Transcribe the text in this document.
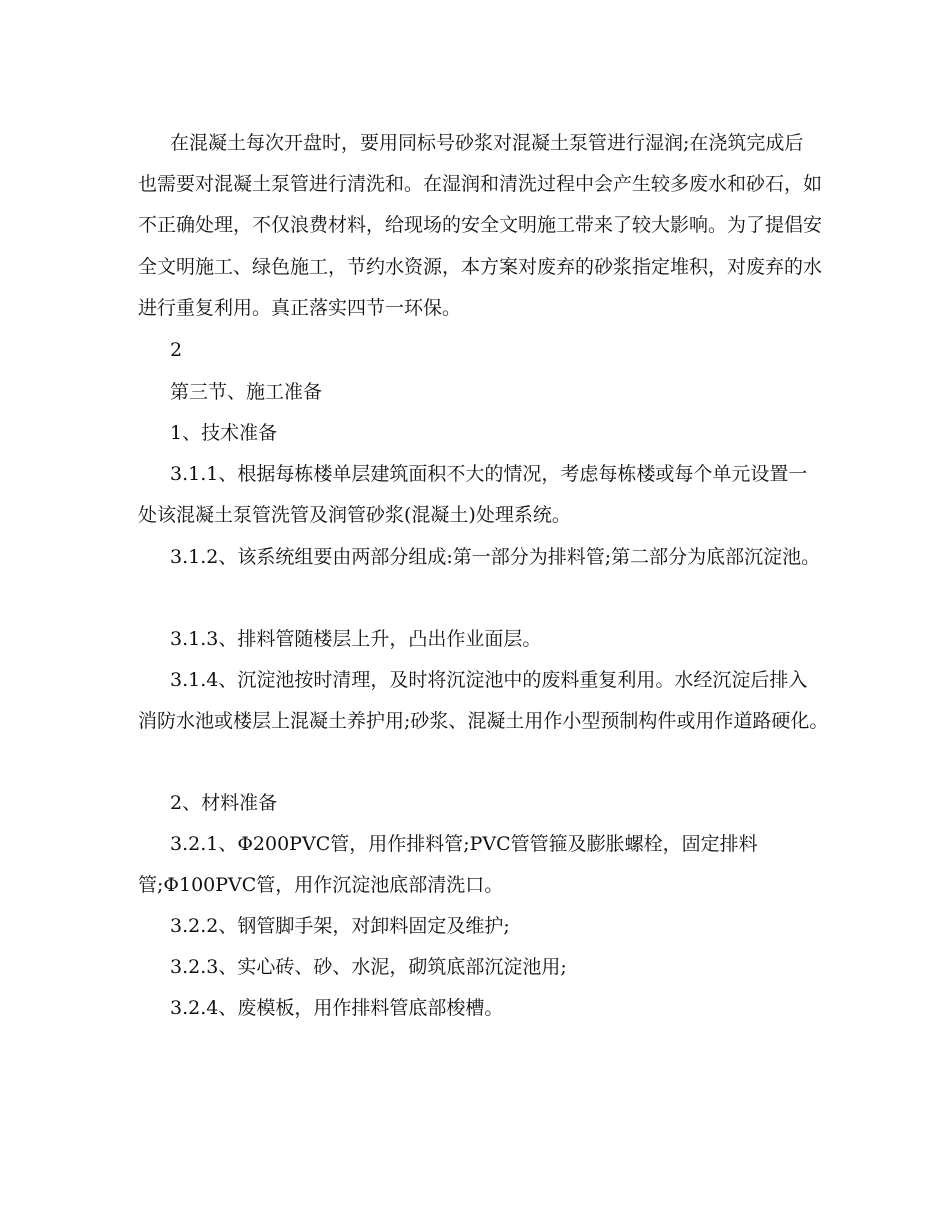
在混凝土每次开盘时，要用同标号砂浆对混凝土泵管进行湿润;在浇筑完成后
也需要对混凝土泵管进行清洗和。在湿润和清洗过程中会产生较多废水和砂石，如
不正确处理，不仅浪费材料，给现场的安全文明施工带来了较大影响。为了提倡安
全文明施工、绿色施工，节约水资源，本方案对废弃的砂浆指定堆积，对废弃的水
进行重复利用。真正落实四节一环保。
2
第三节、施工准备
1、技术准备
3.1.1、根据每栋楼单层建筑面积不大的情况，考虑每栋楼或每个单元设置一
处该混凝土泵管洗管及润管砂浆(混凝土)处理系统。
3.1.2、该系统组要由两部分组成:第一部分为排料管;第二部分为底部沉淀池。
3.1.3、排料管随楼层上升，凸出作业面层。
3.1.4、沉淀池按时清理，及时将沉淀池中的废料重复利用。水经沉淀后排入
消防水池或楼层上混凝土养护用;砂浆、混凝土用作小型预制构件或用作道路硬化。
2、材料准备
3.2.1、Φ200PVC管，用作排料管;PVC管管箍及膨胀螺栓，固定排料
管;Φ100PVC管，用作沉淀池底部清洗口。
3.2.2、钢管脚手架，对卸料固定及维护;
3.2.3、实心砖、砂、水泥，砌筑底部沉淀池用;
3.2.4、废模板，用作排料管底部梭槽。
